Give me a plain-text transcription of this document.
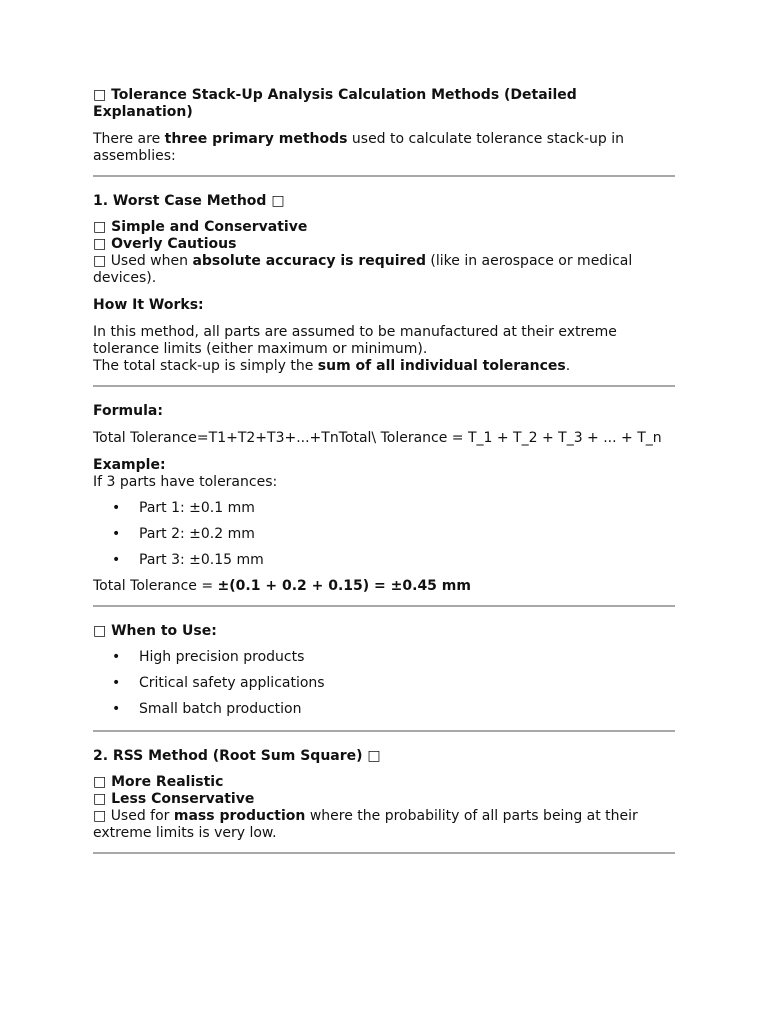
□ Tolerance Stack-Up Analysis Calculation Methods (Detailed Explanation)

There are three primary methods used to calculate tolerance stack-up in assemblies:

1. Worst Case Method □

□ Simple and Conservative

□ Overly Cautious

□ Used when absolute accuracy is required (like in aerospace or medical devices).

How It Works:

In this method, all parts are assumed to be manufactured at their extreme tolerance limits (either maximum or minimum).
The total stack-up is simply the sum of all individual tolerances.

Formula:

Total Tolerance=T1+T2+T3+...+TnTotal\ Tolerance = T_1 + T_2 + T_3 + ... + T_n

Example:

If 3 parts have tolerances:

• Part 1: ±0.1 mm
• Part 2: ±0.2 mm
• Part 3: ±0.15 mm

Total Tolerance = ±(0.1 + 0.2 + 0.15) = ±0.45 mm

□ When to Use:

• High precision products
• Critical safety applications
• Small batch production

2. RSS Method (Root Sum Square) □

□ More Realistic

□ Less Conservative

□ Used for mass production where the probability of all parts being at their extreme limits is very low.
